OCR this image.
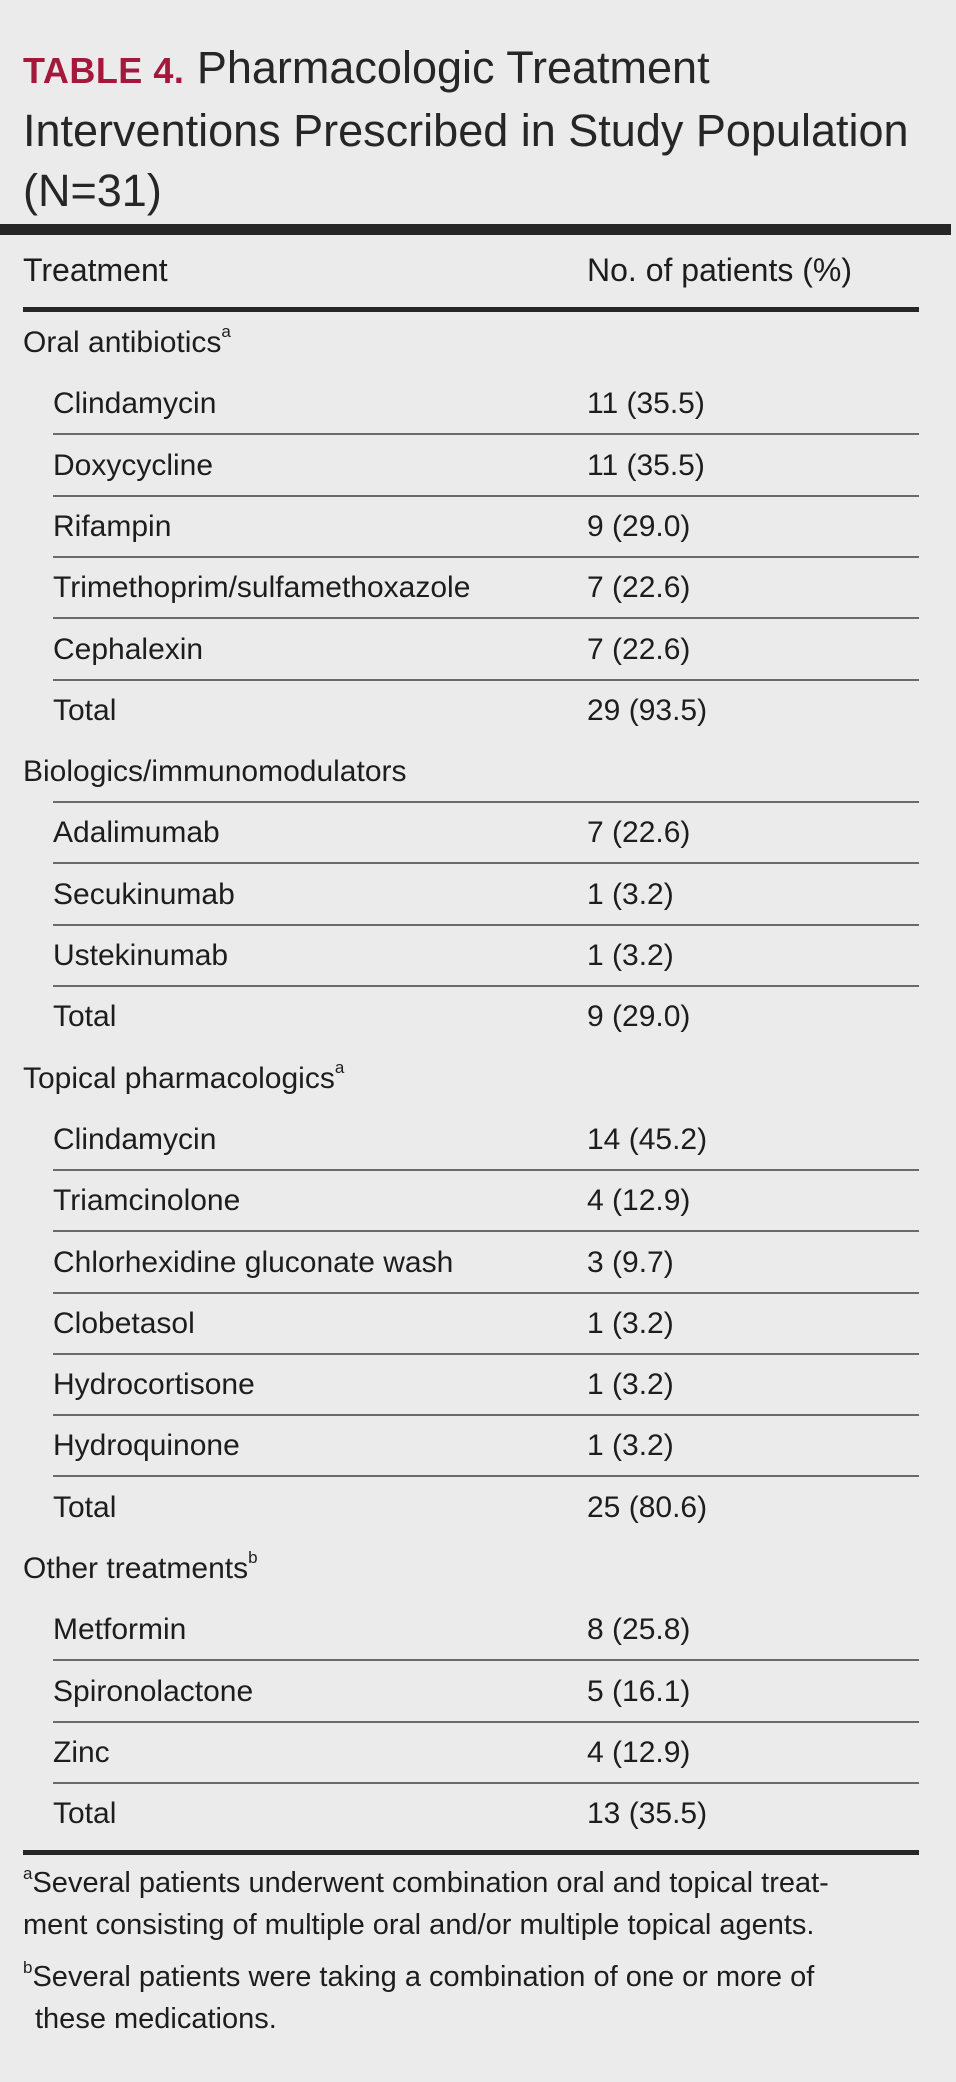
TABLE 4. Pharmacologic Treatment Interventions Prescribed in Study Population (N=31)
Treatment	No. of patients (%)
Oral antibiotics$^a$
Clindamycin	11 (35.5)
Doxycycline	11 (35.5)
Rifampin	9 (29.0)
Trimethoprim/sulfamethoxazole	7 (22.6)
Cephalexin	7 (22.6)
Total	29 (93.5)
Biologics/immunomodulators
Adalimumab	7 (22.6)
Secukinumab	1 (3.2)
Ustekinumab	1 (3.2)
Total	9 (29.0)
Topical pharmacologics$^a$
Clindamycin	14 (45.2)
Triamcinolone	4 (12.9)
Chlorhexidine gluconate wash	3 (9.7)
Clobetasol	1 (3.2)
Hydrocortisone	1 (3.2)
Hydroquinone	1 (3.2)
Total	25 (80.6)
Other treatments$^b$
Metformin	8 (25.8)
Spironolactone	5 (16.1)
Zinc	4 (12.9)
Total	13 (35.5)
$^a$Several patients underwent combination oral and topical treat-
ment consisting of multiple oral and/or multiple topical agents.
$^b$Several patients were taking a combination of one or more of
these medications.
